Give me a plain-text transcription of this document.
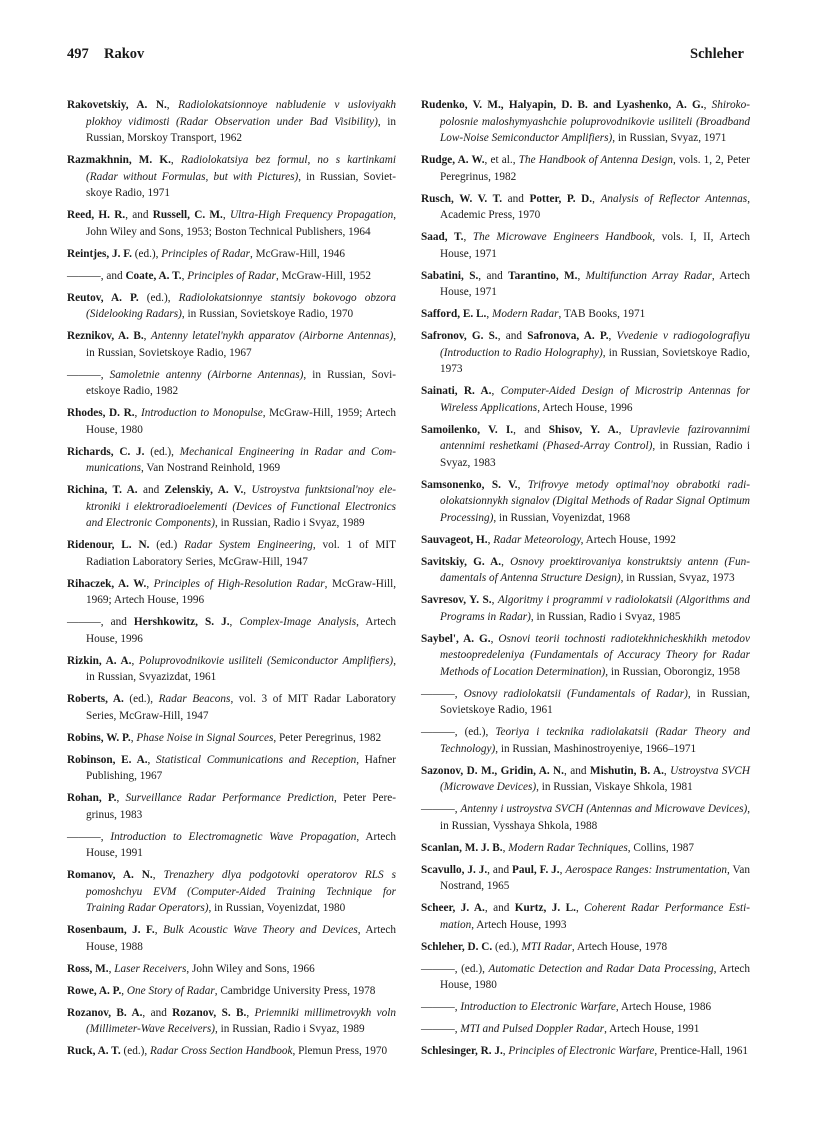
497 Rakov	Schleher

Rakovetskiy, A. N., Radiolokatsionnoye nabludenie v usloviyakh plokhoy vidimosti (Radar Observation under Bad Visibility), in Russian, Morskoy Transport, 1962

Razmakhnin, M. K., Radiolokatsiya bez formul, no s kartinkami (Radar without Formulas, but with Pictures), in Russian, Sovietskoye Radio, 1971

Reed, H. R., and Russell, C. M., Ultra-High Frequency Propagation, John Wiley and Sons, 1953; Boston Technical Publishers, 1964

Reintjes, J. F. (ed.), Principles of Radar, McGraw-Hill, 1946

———, and Coate, A. T., Principles of Radar, McGraw-Hill, 1952

Reutov, A. P. (ed.), Radiolokatsionnye stantsiy bokovogo obzora (Sidelooking Radars), in Russian, Sovietskoye Radio, 1970

Reznikov, A. B., Antenny letatel'nykh apparatov (Airborne Antennas), in Russian, Sovietskoye Radio, 1967

———, Samoletnie antenny (Airborne Antennas), in Russian, Sovietskoye Radio, 1982

Rhodes, D. R., Introduction to Monopulse, McGraw-Hill, 1959; Artech House, 1980

Richards, C. J. (ed.), Mechanical Engineering in Radar and Communications, Van Nostrand Reinhold, 1969

Richina, T. A. and Zelenskiy, A. V., Ustroystva funktsional'noy elektroniki i elektroradioelementi (Devices of Functional Electronics and Electronic Components), in Russian, Radio i Svyaz, 1989

Ridenour, L. N. (ed.) Radar System Engineering, vol. 1 of MIT Radiation Laboratory Series, McGraw-Hill, 1947

Rihaczek, A. W., Principles of High-Resolution Radar, McGraw-Hill, 1969; Artech House, 1996

———, and Hershkowitz, S. J., Complex-Image Analysis, Artech House, 1996

Rizkin, A. A., Poluprovodnikovie usiliteli (Semiconductor Amplifiers), in Russian, Svyazizdat, 1961

Roberts, A. (ed.), Radar Beacons, vol. 3 of MIT Radar Laboratory Series, McGraw-Hill, 1947

Robins, W. P., Phase Noise in Signal Sources, Peter Peregrinus, 1982

Robinson, E. A., Statistical Communications and Reception, Hafner Publishing, 1967

Rohan, P., Surveillance Radar Performance Prediction, Peter Peregrinus, 1983

———, Introduction to Electromagnetic Wave Propagation, Artech House, 1991

Romanov, A. N., Trenazhery dlya podgotovki operatorov RLS s pomoshchyu EVM (Computer-Aided Training Technique for Training Radar Operators), in Russian, Voyenizdat, 1980

Rosenbaum, J. F., Bulk Acoustic Wave Theory and Devices, Artech House, 1988

Ross, M., Laser Receivers, John Wiley and Sons, 1966

Rowe, A. P., One Story of Radar, Cambridge University Press, 1978

Rozanov, B. A., and Rozanov, S. B., Priemniki millimetrovykh voln (Millimeter-Wave Receivers), in Russian, Radio i Svyaz, 1989

Ruck, A. T. (ed.), Radar Cross Section Handbook, Plemun Press, 1970

Rudenko, V. M., Halyapin, D. B. and Lyashenko, A. G., Shirokopolosnie maloshymyashchie poluprovodnikovie usiliteli (Broadband Low-Noise Semiconductor Amplifiers), in Russian, Svyaz, 1971

Rudge, A. W., et al., The Handbook of Antenna Design, vols. 1, 2, Peter Peregrinus, 1982

Rusch, W. V. T. and Potter, P. D., Analysis of Reflector Antennas, Academic Press, 1970

Saad, T., The Microwave Engineers Handbook, vols. I, II, Artech House, 1971

Sabatini, S., and Tarantino, M., Multifunction Array Radar, Artech House, 1971

Safford, E. L., Modern Radar, TAB Books, 1971

Safronov, G. S., and Safronova, A. P., Vvedenie v radiogolografiyu (Introduction to Radio Holography), in Russian, Sovietskoye Radio, 1973

Sainati, R. A., Computer-Aided Design of Microstrip Antennas for Wireless Applications, Artech House, 1996

Samoilenko, V. I., and Shisov, Y. A., Upravlevie fazirovannimi antennimi reshetkami (Phased-Array Control), in Russian, Radio i Svyaz, 1983

Samsonenko, S. V., Trifrovye metody optimal'noy obrabotki radiolokatsionnykh signalov (Digital Methods of Radar Signal Optimum Processing), in Russian, Voyenizdat, 1968

Sauvageot, H., Radar Meteorology, Artech House, 1992

Savitskiy, G. A., Osnovy proektirovaniya konstruktsiy antenn (Fundamentals of Antenna Structure Design), in Russian, Svyaz, 1973

Savresov, Y. S., Algoritmy i programmi v radiolokatsii (Algorithms and Programs in Radar), in Russian, Radio i Svyaz, 1985

Saybel', A. G., Osnovi teorii tochnosti radiotekhnicheskhikh metodov mestoopredeleniya (Fundamentals of Accuracy Theory for Radar Methods of Location Determination), in Russian, Oborongiz, 1958

———, Osnovy radiolokatsii (Fundamentals of Radar), in Russian, Sovietskoye Radio, 1961

———, (ed.), Teoriya i tecknika radiolakatsii (Radar Theory and Technology), in Russian, Mashinostroyeniye, 1966–1971

Sazonov, D. M., Gridin, A. N., and Mishutin, B. A., Ustroystva SVCH (Microwave Devices), in Russian, Viskaye Shkola, 1981

———, Antenny i ustroystva SVCH (Antennas and Microwave Devices), in Russian, Vysshaya Shkola, 1988

Scanlan, M. J. B., Modern Radar Techniques, Collins, 1987

Scavullo, J. J., and Paul, F. J., Aerospace Ranges: Instrumentation, Van Nostrand, 1965

Scheer, J. A., and Kurtz, J. L., Coherent Radar Performance Estimation, Artech House, 1993

Schleher, D. C. (ed.), MTI Radar, Artech House, 1978

———, (ed.), Automatic Detection and Radar Data Processing, Artech House, 1980

———, Introduction to Electronic Warfare, Artech House, 1986

———, MTI and Pulsed Doppler Radar, Artech House, 1991

Schlesinger, R. J., Principles of Electronic Warfare, Prentice-Hall, 1961
